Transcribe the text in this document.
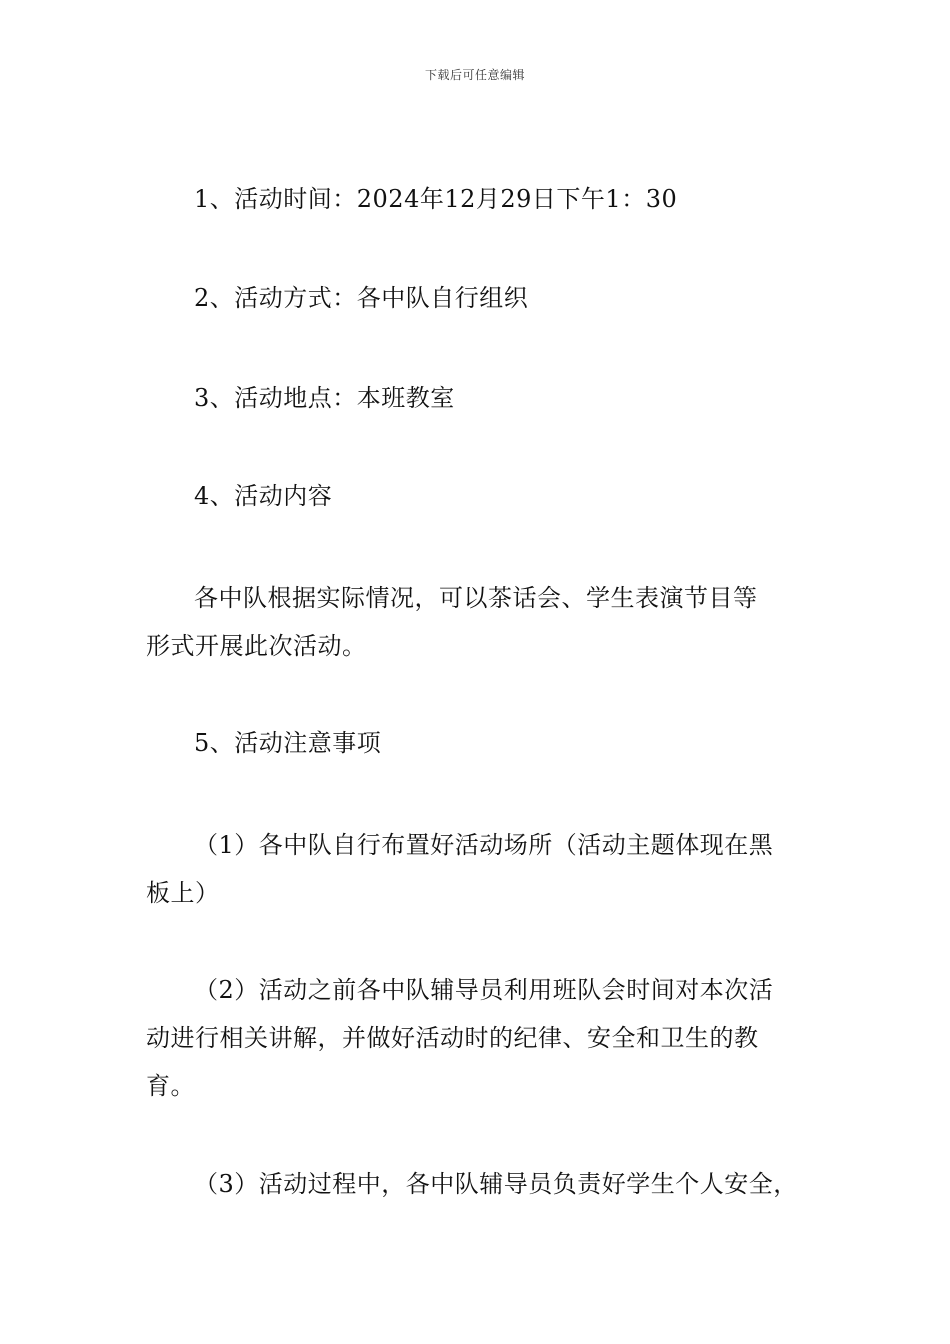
下载后可任意编辑
1、活动时间：2024年12月29日下午1：30
2、活动方式：各中队自行组织
3、活动地点：本班教室
4、活动内容
各中队根据实际情况，可以茶话会、学生表演节目等
形式开展此次活动。
5、活动注意事项
（1）各中队自行布置好活动场所（活动主题体现在黑
板上）
（2）活动之前各中队辅导员利用班队会时间对本次活
动进行相关讲解，并做好活动时的纪律、安全和卫生的教
育。
（3）活动过程中，各中队辅导员负责好学生个人安全，
